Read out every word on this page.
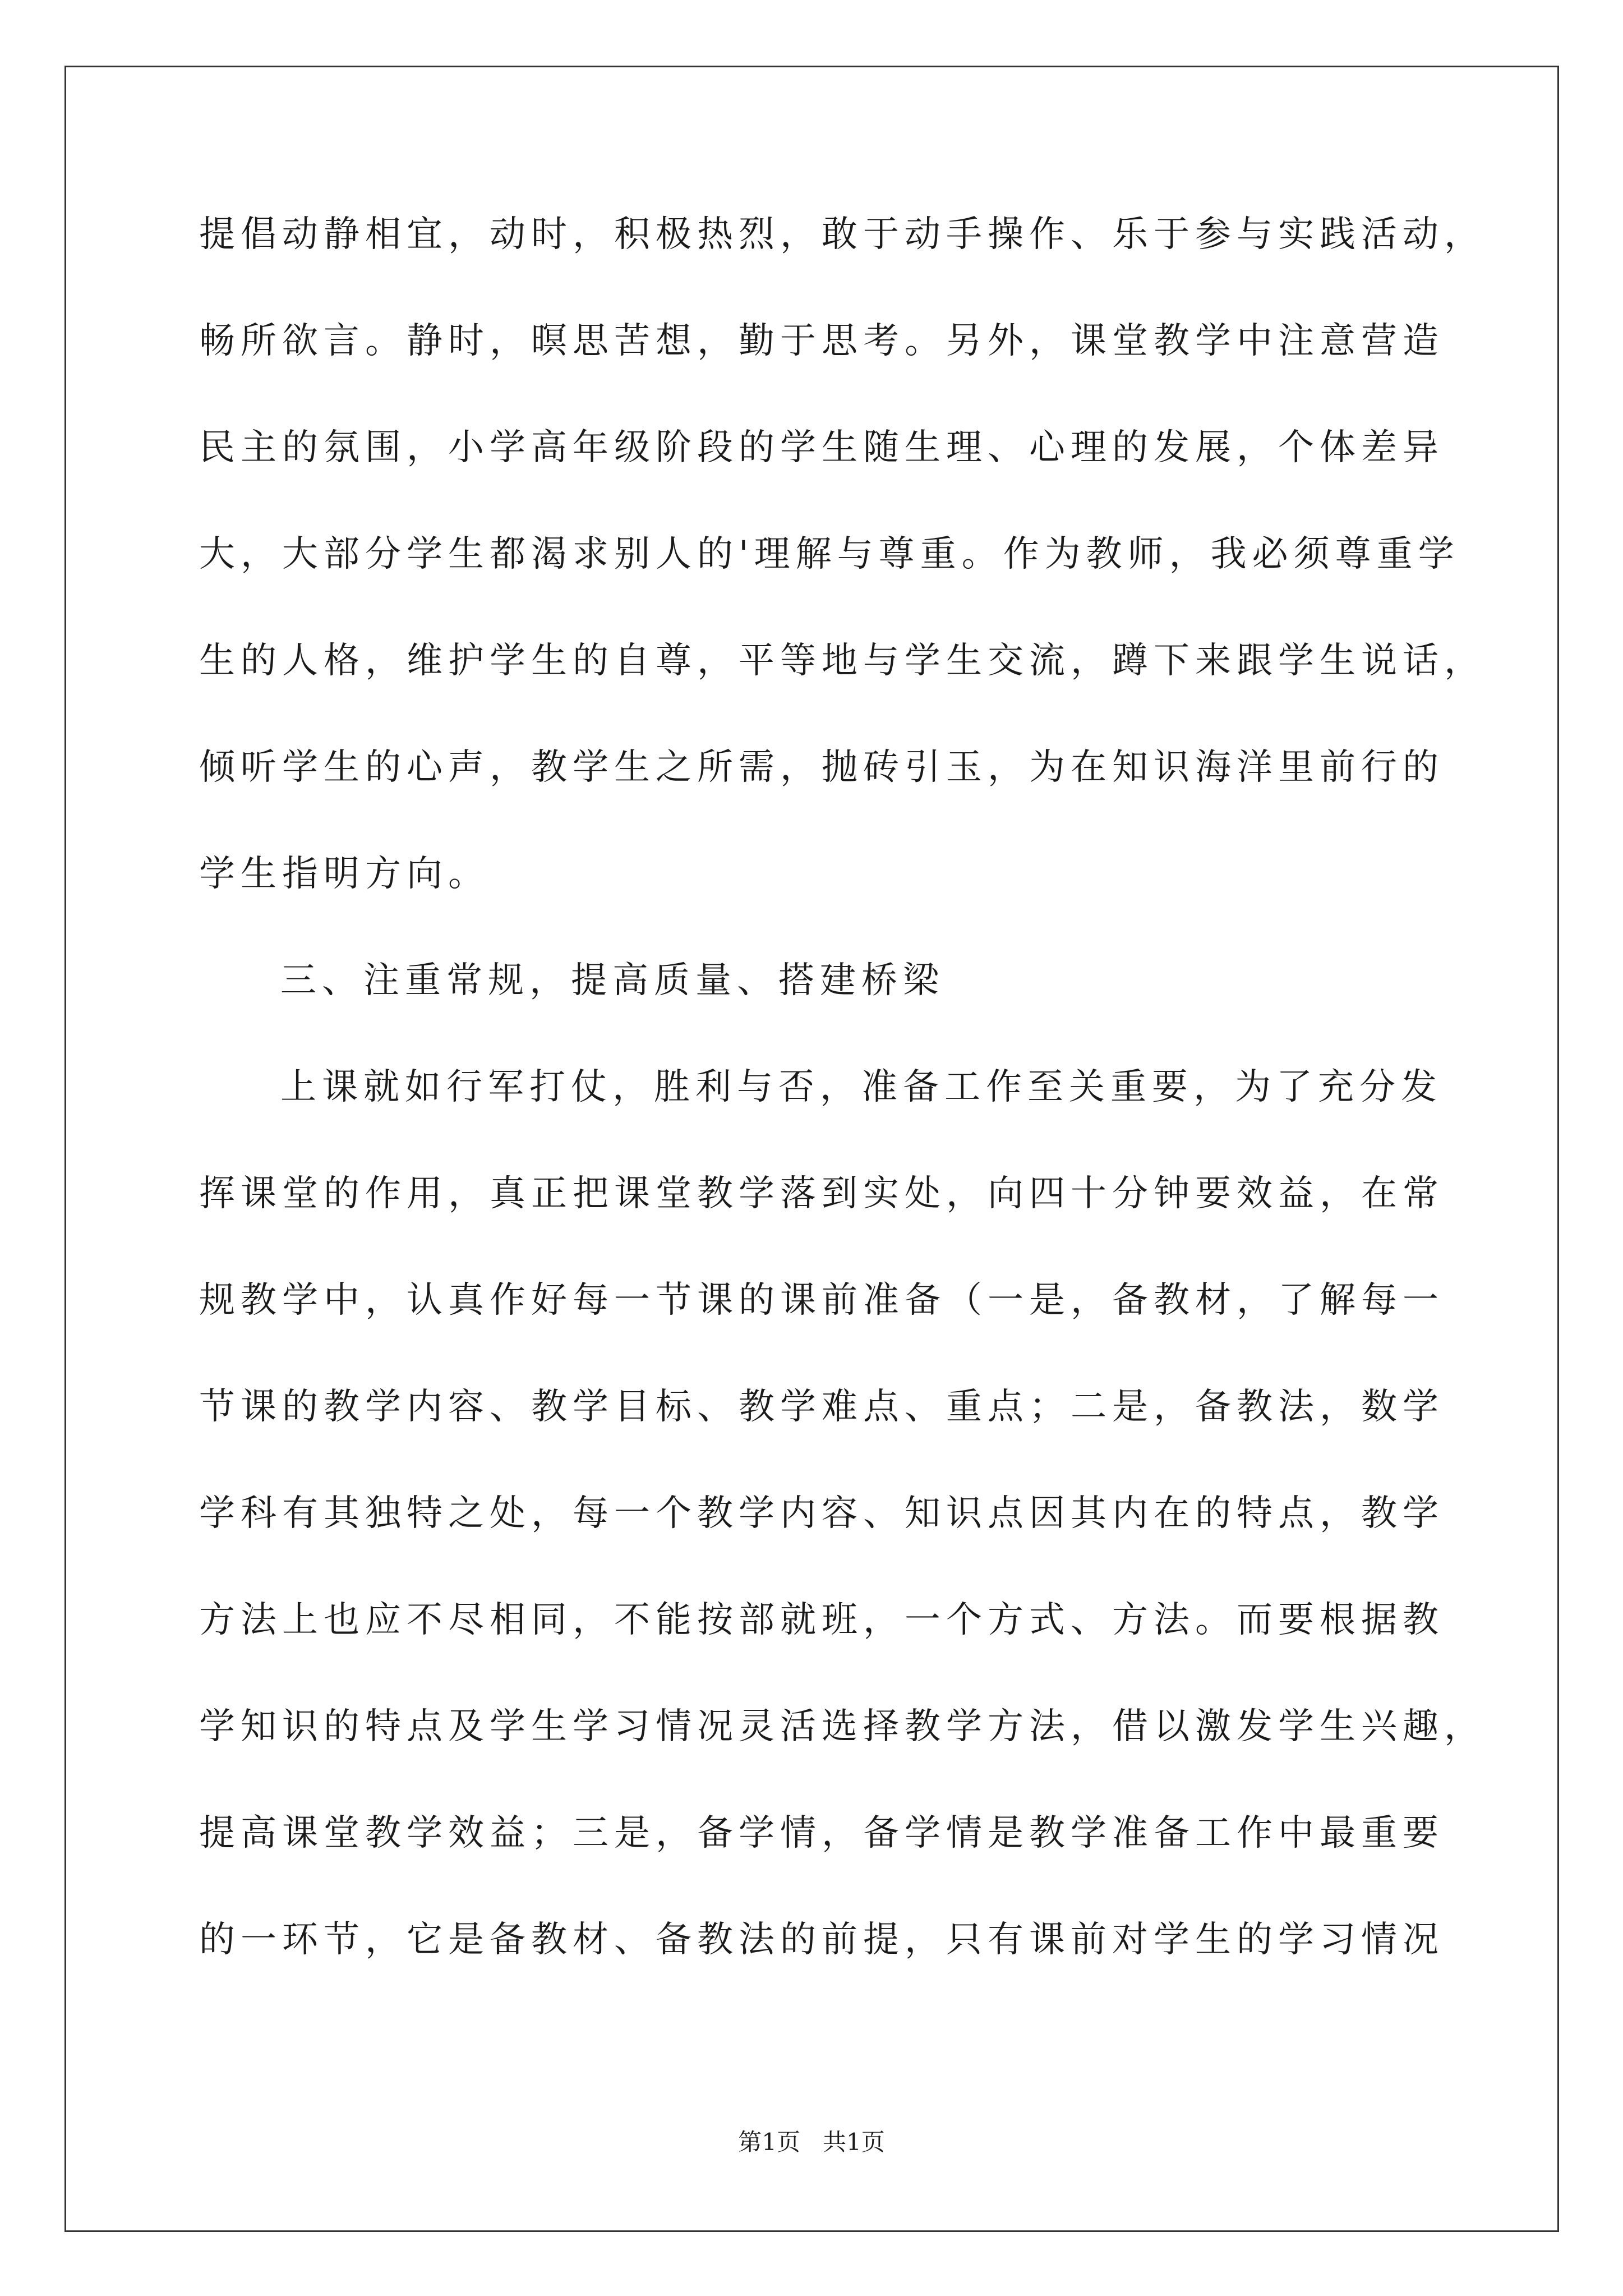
提倡动静相宜，动时，积极热烈，敢于动手操作、乐于参与实践活动，
畅所欲言。静时，暝思苦想，勤于思考。另外，课堂教学中注意营造
民主的氛围，小学高年级阶段的学生随生理、心理的发展，个体差异
大，大部分学生都渴求别人的'理解与尊重。作为教师，我必须尊重学
生的人格，维护学生的自尊，平等地与学生交流，蹲下来跟学生说话，
倾听学生的心声，教学生之所需，抛砖引玉，为在知识海洋里前行的
学生指明方向。
三、注重常规，提高质量、搭建桥梁
上课就如行军打仗，胜利与否，准备工作至关重要，为了充分发
挥课堂的作用，真正把课堂教学落到实处，向四十分钟要效益，在常
规教学中，认真作好每一节课的课前准备（一是，备教材，了解每一
节课的教学内容、教学目标、教学难点、重点；二是，备教法，数学
学科有其独特之处，每一个教学内容、知识点因其内在的特点，教学
方法上也应不尽相同，不能按部就班，一个方式、方法。而要根据教
学知识的特点及学生学习情况灵活选择教学方法，借以激发学生兴趣，
提高课堂教学效益；三是，备学情，备学情是教学准备工作中最重要
的一环节，它是备教材、备教法的前提，只有课前对学生的学习情况
第1页   共1页
